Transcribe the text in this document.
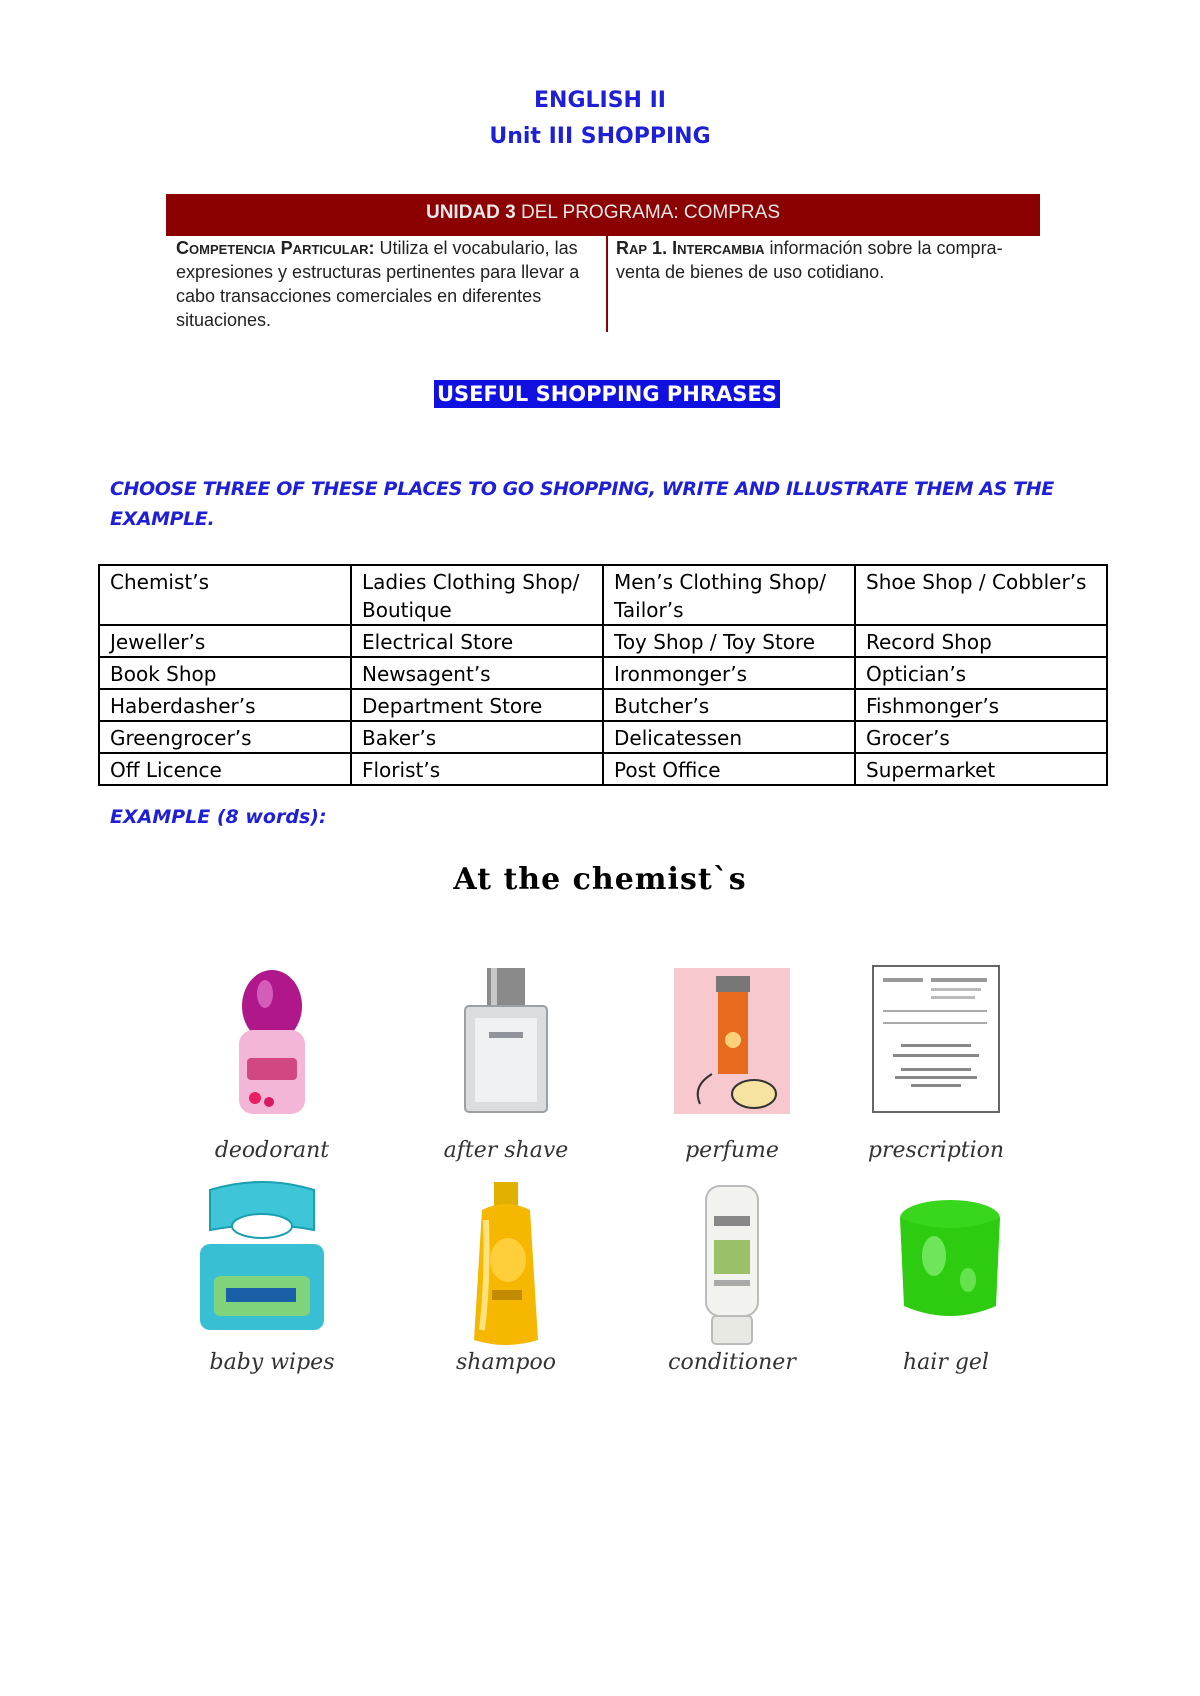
ENGLISH II
Unit III SHOPPING
UNIDAD 3 DEL PROGRAMA: COMPRAS
Competencia Particular: Utiliza el vocabulario, las expresiones y estructuras pertinentes para llevar a cabo transacciones comerciales en diferentes situaciones.
Rap 1. Intercambia información sobre la compra-venta de bienes de uso cotidiano.
USEFUL SHOPPING PHRASES
CHOOSE THREE OF THESE PLACES TO GO SHOPPING, WRITE AND ILLUSTRATE THEM AS THE EXAMPLE.
Chemist’s	Ladies Clothing Shop/ Boutique	Men’s Clothing Shop/ Tailor’s	Shoe Shop / Cobbler’s
Jeweller’s	Electrical Store	Toy Shop / Toy Store	Record Shop
Book Shop	Newsagent’s	Ironmonger’s	Optician’s
Haberdasher’s	Department Store	Butcher’s	Fishmonger’s
Greengrocer’s	Baker’s	Delicatessen	Grocer’s
Off Licence	Florist’s	Post Office	Supermarket
EXAMPLE (8 words):
At the chemist`s
deodorant	after shave	perfume	prescription
baby wipes	shampoo	conditioner	hair gel
